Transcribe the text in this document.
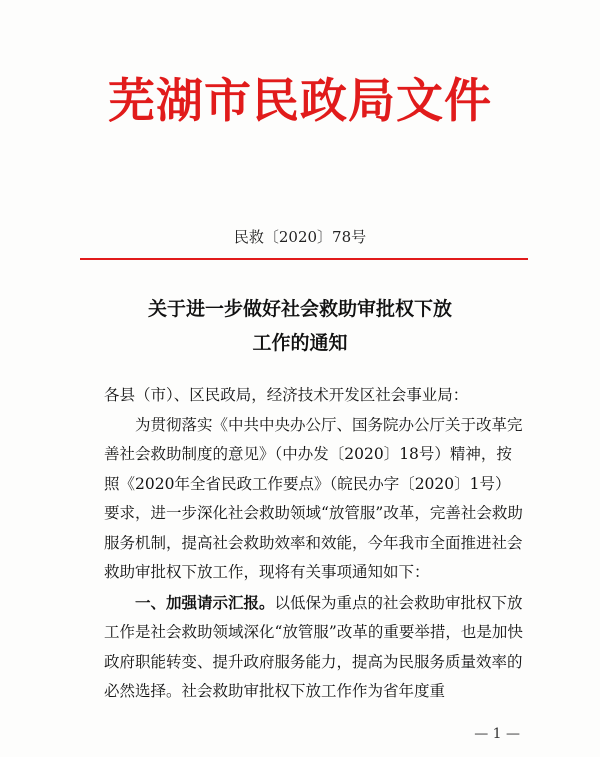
芜湖市民政局文件
民救〔2020〕78号
关于进一步做好社会救助审批权下放
工作的通知

各县（市）、区民政局，经济技术开发区社会事业局：

为贯彻落实《中共中央办公厅、国务院办公厅关于改革完善社会救助制度的意见》（中办发〔2020〕18号）精神，按照《2020年全省民政工作要点》（皖民办字〔2020〕1号）要求，进一步深化社会救助领域“放管服”改革，完善社会救助服务机制，提高社会救助效率和效能，今年我市全面推进社会救助审批权下放工作，现将有关事项通知如下：

一、加强请示汇报。以低保为重点的社会救助审批权下放工作是社会救助领域深化“放管服”改革的重要举措，也是加快政府职能转变、提升政府服务能力，提高为民服务质量效率的必然选择。社会救助审批权下放工作作为省年度重

— 1 —
